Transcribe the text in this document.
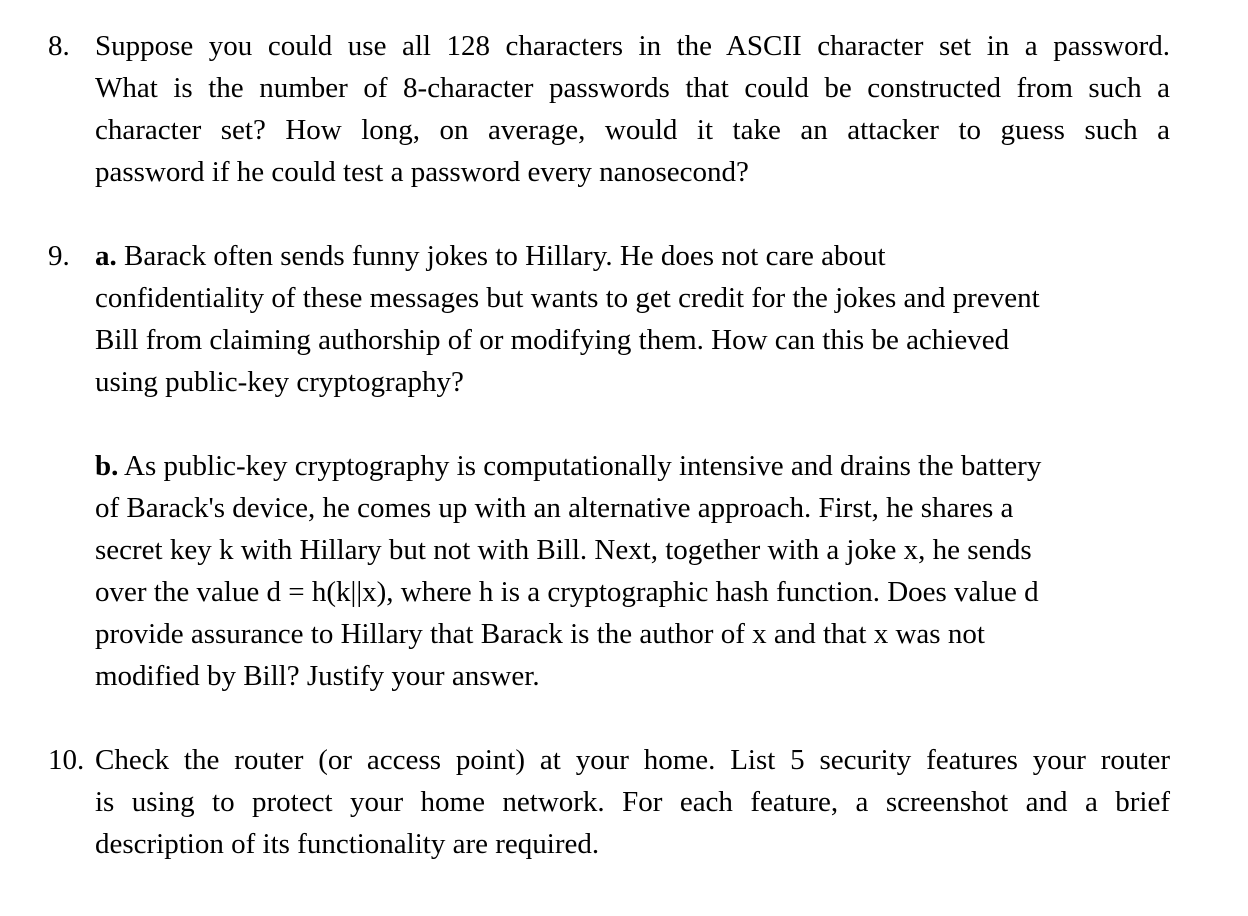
8. Suppose you could use all 128 characters in the ASCII character set in a password.
What is the number of 8-character passwords that could be constructed from such a
character set? How long, on average, would it take an attacker to guess such a
password if he could test a password every nanosecond?
9. a. Barack often sends funny jokes to Hillary. He does not care about
confidentiality of these messages but wants to get credit for the jokes and prevent
Bill from claiming authorship of or modifying them. How can this be achieved
using public-key cryptography?
b. As public-key cryptography is computationally intensive and drains the battery
of Barack's device, he comes up with an alternative approach. First, he shares a
secret key k with Hillary but not with Bill. Next, together with a joke x, he sends
over the value d = h(k||x), where h is a cryptographic hash function. Does value d
provide assurance to Hillary that Barack is the author of x and that x was not
modified by Bill? Justify your answer.
10. Check the router (or access point) at your home. List 5 security features your router
is using to protect your home network. For each feature, a screenshot and a brief
description of its functionality are required.
